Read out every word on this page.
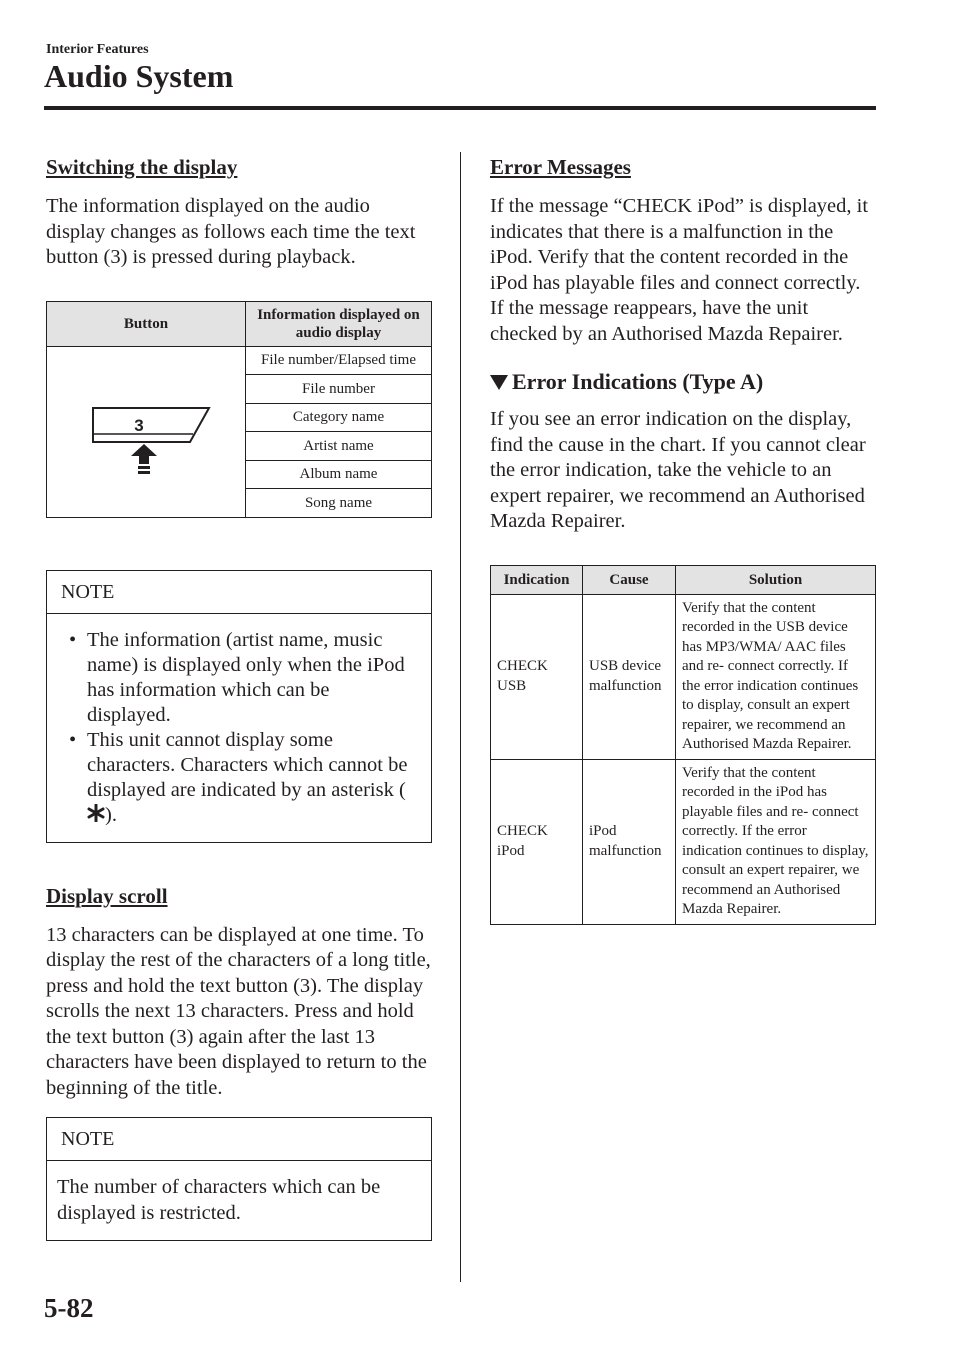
Interior Features
Audio System
Switching the display

The information displayed on the audio display changes as follows each time the text button (3) is pressed during playback.

Button	Information displayed on audio display

3	File number/Elapsed time
	File number
	Category name
	Artist name
	Album name
	Song name
NOTE
• The information (artist name, music name) is displayed only when the iPod has information which can be displayed.
• This unit cannot display some characters. Characters which cannot be displayed are indicated by an asterisk ().
Display scroll

13 characters can be displayed at one time. To display the rest of the characters of a long title, press and hold the text button (3). The display scrolls the next 13 characters. Press and hold the text button (3) again after the last 13 characters have been displayed to return to the beginning of the title.

NOTE

The number of characters which can be displayed is restricted.

Error Messages

If the message “CHECK iPod” is displayed, it indicates that there is a malfunction in the iPod. Verify that the content recorded in the iPod has playable files and connect correctly. If the message reappears, have the unit checked by an Authorised Mazda Repairer.

Error Indications (Type A)

If you see an error indication on the display, find the cause in the chart. If you cannot clear the error indication, take the vehicle to an expert repairer, we recommend an Authorised Mazda Repairer.

Indication	Cause	Solution
CHECK USB	USB device malfunction	Verify that the content recorded in the USB device has MP3/WMA/ AAC files and re- connect correctly. If the error indication continues to display, consult an expert repairer, we recommend an Authorised Mazda Repairer.
CHECK iPod	iPod malfunction	Verify that the content recorded in the iPod has playable files and re- connect correctly. If the error indication continues to display, consult an expert repairer, we recommend an Authorised Mazda Repairer.
5-82
